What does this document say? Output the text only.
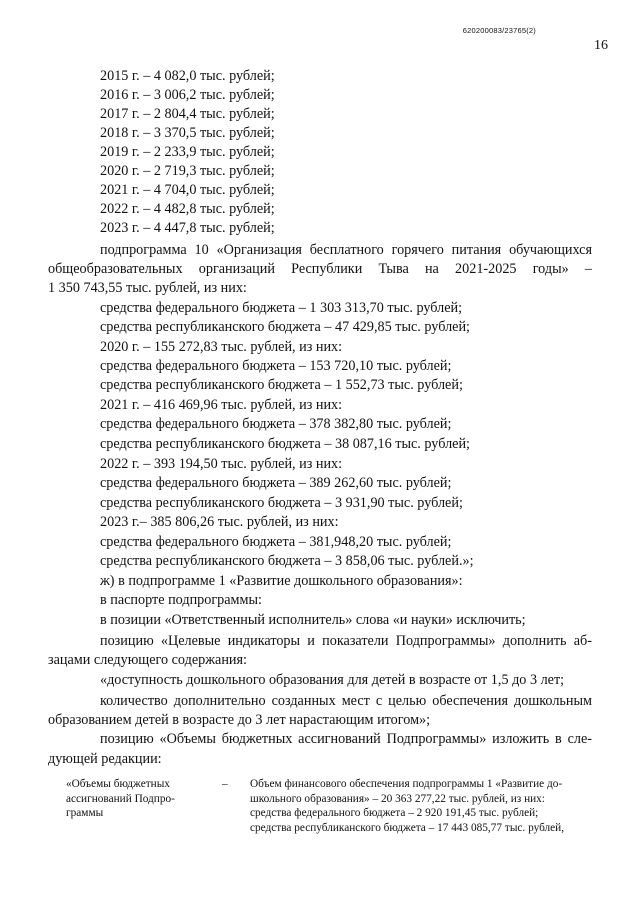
620200083/23765(2)
16
2015 г. – 4 082,0 тыс. рублей;
2016 г. – 3 006,2 тыс. рублей;
2017 г. – 2 804,4 тыс. рублей;
2018 г. – 3 370,5 тыс. рублей;
2019 г. – 2 233,9 тыс. рублей;
2020 г. – 2 719,3 тыс. рублей;
2021 г. – 4 704,0 тыс. рублей;
2022 г. – 4 482,8 тыс. рублей;
2023 г. – 4 447,8 тыс. рублей;
подпрограмма 10 «Организация бесплатного горячего питания обучающихся
общеобразовательных организаций Республики Тыва на 2021-2025 годы» –
1 350 743,55 тыс. рублей, из них:
средства федерального бюджета – 1 303 313,70 тыс. рублей;
средства республиканского бюджета – 47 429,85 тыс. рублей;
2020 г. – 155 272,83 тыс. рублей, из них:
средства федерального бюджета – 153 720,10 тыс. рублей;
средства республиканского бюджета – 1 552,73 тыс. рублей;
2021 г. – 416 469,96 тыс. рублей, из них:
средства федерального бюджета – 378 382,80 тыс. рублей;
средства республиканского бюджета – 38 087,16 тыс. рублей;
2022 г. – 393 194,50 тыс. рублей, из них:
средства федерального бюджета – 389 262,60 тыс. рублей;
средства республиканского бюджета – 3 931,90 тыс. рублей;
2023 г.– 385 806,26 тыс. рублей, из них:
средства федерального бюджета – 381,948,20 тыс. рублей;
средства республиканского бюджета – 3 858,06 тыс. рублей.»;
ж) в подпрограмме 1 «Развитие дошкольного образования»:
в паспорте подпрограммы:
в позиции «Ответственный исполнитель» слова «и науки» исключить;
позицию «Целевые индикаторы и показатели Подпрограммы» дополнить аб-
зацами следующего содержания:
«доступность дошкольного образования для детей в возрасте от 1,5 до 3 лет;
количество дополнительно созданных мест с целью обеспечения дошкольным
образованием детей в возрасте до 3 лет нарастающим итогом»;
позицию «Объемы бюджетных ассигнований Подпрограммы» изложить в сле-
дующей редакции:
«Объемы бюджетных
ассигнований Подпро-
граммы
– Объем финансового обеспечения подпрограммы 1 «Развитие до-
школьного образования» – 20 363 277,22 тыс. рублей, из них:
средства федерального бюджета – 2 920 191,45 тыс. рублей;
средства республиканского бюджета – 17 443 085,77 тыс. рублей,
